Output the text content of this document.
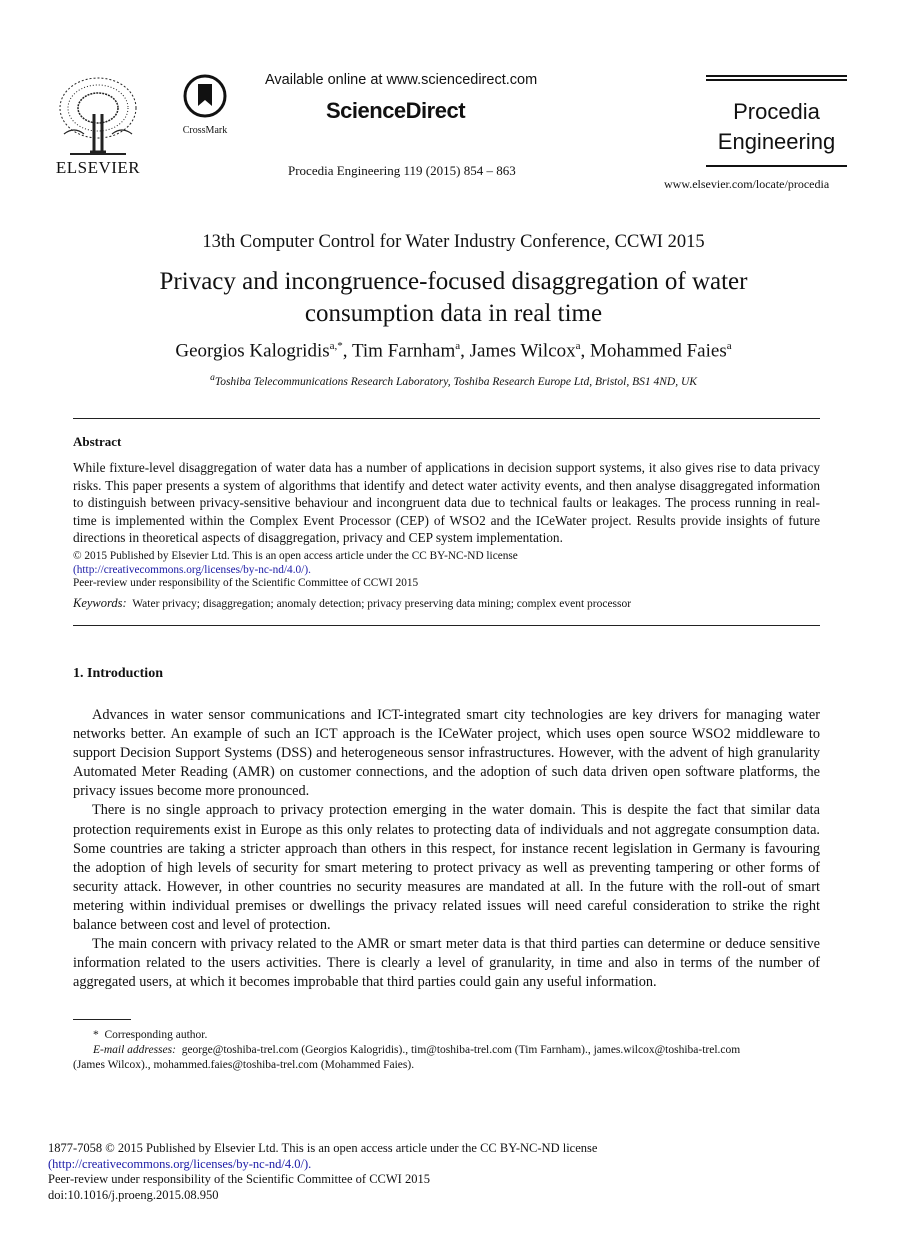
ELSEVIER
CrossMark
Available online at www.sciencedirect.com
ScienceDirect
Procedia Engineering 119 (2015) 854 – 863
Procedia
Engineering
www.elsevier.com/locate/procedia
13th Computer Control for Water Industry Conference, CCWI 2015
Privacy and incongruence-focused disaggregation of water
consumption data in real time
Georgios Kalogridis$^{a,*}$, Tim Farnham$^a$, James Wilcox$^a$, Mohammed Faies$^a$
$^a$Toshiba Telecommunications Research Laboratory, Toshiba Research Europe Ltd, Bristol, BS1 4ND, UK
Abstract
While fixture-level disaggregation of water data has a number of applications in decision support systems, it also gives rise to data privacy risks. This paper presents a system of algorithms that identify and detect water activity events, and then analyse disaggregated information to distinguish between privacy-sensitive behaviour and incongruent data due to technical faults or leakages. The process running in real-time is implemented within the Complex Event Processor (CEP) of WSO2 and the ICeWater project. Results provide insights of future directions in theoretical aspects of disaggregation, privacy and CEP system implementation.
© 2015 Published by Elsevier Ltd. This is an open access article under the CC BY-NC-ND license
(http://creativecommons.org/licenses/by-nc-nd/4.0/).
Peer-review under responsibility of the Scientific Committee of CCWI 2015
Keywords: Water privacy; disaggregation; anomaly detection; privacy preserving data mining; complex event processor
1. Introduction

Advances in water sensor communications and ICT-integrated smart city technologies are key drivers for managing water networks better. An example of such an ICT approach is the ICeWater project, which uses open source WSO2 middleware to support Decision Support Systems (DSS) and heterogeneous sensor infrastructures. However, with the advent of high granularity Automated Meter Reading (AMR) on customer connections, and the adoption of such data driven open software platforms, the privacy issues become more pronounced.

There is no single approach to privacy protection emerging in the water domain. This is despite the fact that similar data protection requirements exist in Europe as this only relates to protecting data of individuals and not aggregate consumption data. Some countries are taking a stricter approach than others in this respect, for instance recent legislation in Germany is favouring the adoption of high levels of security for smart metering to protect privacy as well as preventing tampering or other forms of security attack. However, in other countries no security measures are mandated at all. In the future with the roll-out of smart metering within individual premises or dwellings the privacy related issues will need careful consideration to strike the right balance between cost and level of protection.

The main concern with privacy related to the AMR or smart meter data is that third parties can determine or deduce sensitive information related to the users activities. There is clearly a level of granularity, in time and also in terms of the number of aggregated users, at which it becomes improbable that third parties could gain any useful information.

* Corresponding author.
E-mail addresses: george@toshiba-trel.com (Georgios Kalogridis)., tim@toshiba-trel.com (Tim Farnham)., james.wilcox@toshiba-trel.com
(James Wilcox)., mohammed.faies@toshiba-trel.com (Mohammed Faies).
1877-7058 © 2015 Published by Elsevier Ltd. This is an open access article under the CC BY-NC-ND license
(http://creativecommons.org/licenses/by-nc-nd/4.0/).
Peer-review under responsibility of the Scientific Committee of CCWI 2015
doi:10.1016/j.proeng.2015.08.950
